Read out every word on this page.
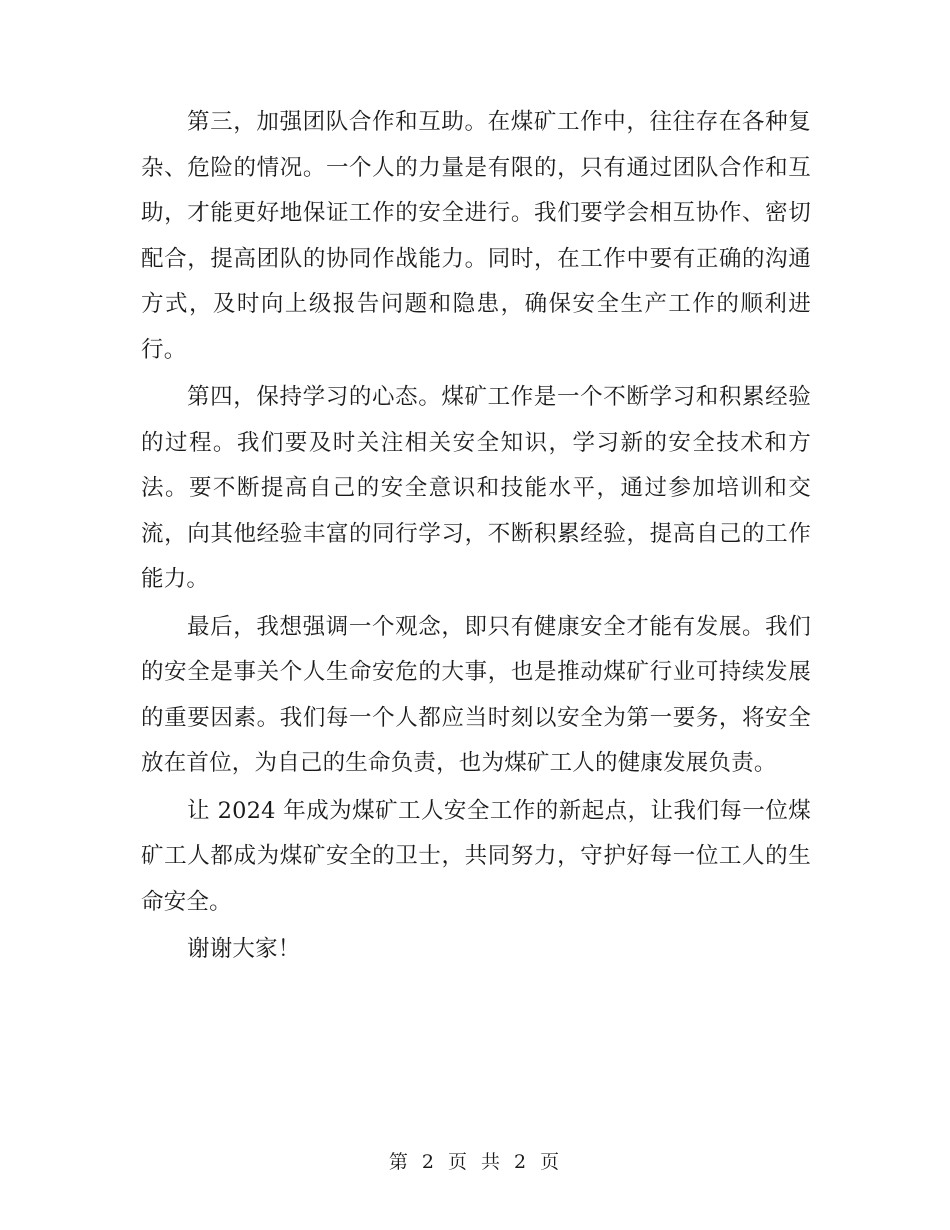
第三，加强团队合作和互助。在煤矿工作中，往往存在各种复杂、危险的情况。一个人的力量是有限的，只有通过团队合作和互助，才能更好地保证工作的安全进行。我们要学会相互协作、密切配合，提高团队的协同作战能力。同时，在工作中要有正确的沟通方式，及时向上级报告问题和隐患，确保安全生产工作的顺利进行。

第四，保持学习的心态。煤矿工作是一个不断学习和积累经验的过程。我们要及时关注相关安全知识，学习新的安全技术和方法。要不断提高自己的安全意识和技能水平，通过参加培训和交流，向其他经验丰富的同行学习，不断积累经验，提高自己的工作能力。

最后，我想强调一个观念，即只有健康安全才能有发展。我们的安全是事关个人生命安危的大事，也是推动煤矿行业可持续发展的重要因素。我们每一个人都应当时刻以安全为第一要务，将安全放在首位，为自己的生命负责，也为煤矿工人的健康发展负责。

让 2024 年成为煤矿工人安全工作的新起点，让我们每一位煤矿工人都成为煤矿安全的卫士，共同努力，守护好每一位工人的生命安全。

谢谢大家！

第 2 页 共 2 页
